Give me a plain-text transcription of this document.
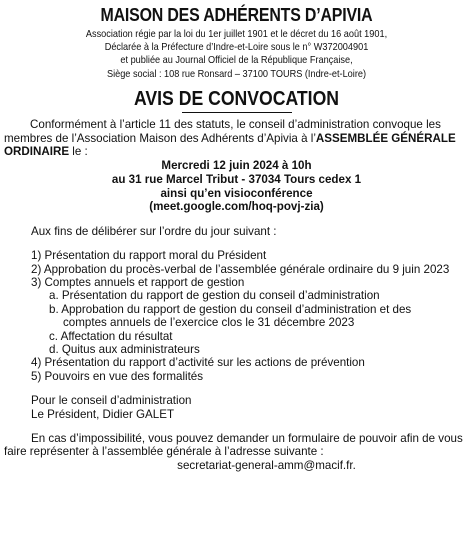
MAISON DES ADHÉRENTS D’APIVIA
Association régie par la loi du 1er juillet 1901 et le décret du 16 août 1901,
Déclarée à la Préfecture d’Indre-et-Loire sous le n° W372004901
et publiée au Journal Officiel de la République Française,
Siège social : 108 rue Ronsard – 37100 TOURS (Indre-et-Loire)
AVIS DE CONVOCATION
Conformément à l’article 11 des statuts, le conseil d’administration convoque les membres de l’Association Maison des Adhérents d’Apivia à l’ASSEMBLÉE GÉNÉRALE ORDINAIRE le :
Mercredi 12 juin 2024 à 10h
au 31 rue Marcel Tribut - 37034 Tours cedex 1
ainsi qu’en visioconférence
(meet.google.com/hoq-povj-zia)
Aux fins de délibérer sur l’ordre du jour suivant :
1) Présentation du rapport moral du Président
2) Approbation du procès-verbal de l’assemblée générale ordinaire du 9 juin 2023
3) Comptes annuels et rapport de gestion
a. Présentation du rapport de gestion du conseil d’administration
b. Approbation du rapport de gestion du conseil d’administration et des
comptes annuels de l’exercice clos le 31 décembre 2023
c. Affectation du résultat
d. Quitus aux administrateurs
4) Présentation du rapport d’activité sur les actions de prévention
5) Pouvoirs en vue des formalités
Pour le conseil d’administration
Le Président, Didier GALET
En cas d’impossibilité, vous pouvez demander un formulaire de pouvoir afin de vous faire représenter à l’assemblée générale à l’adresse suivante :
secretariat-general-amm@macif.fr.
